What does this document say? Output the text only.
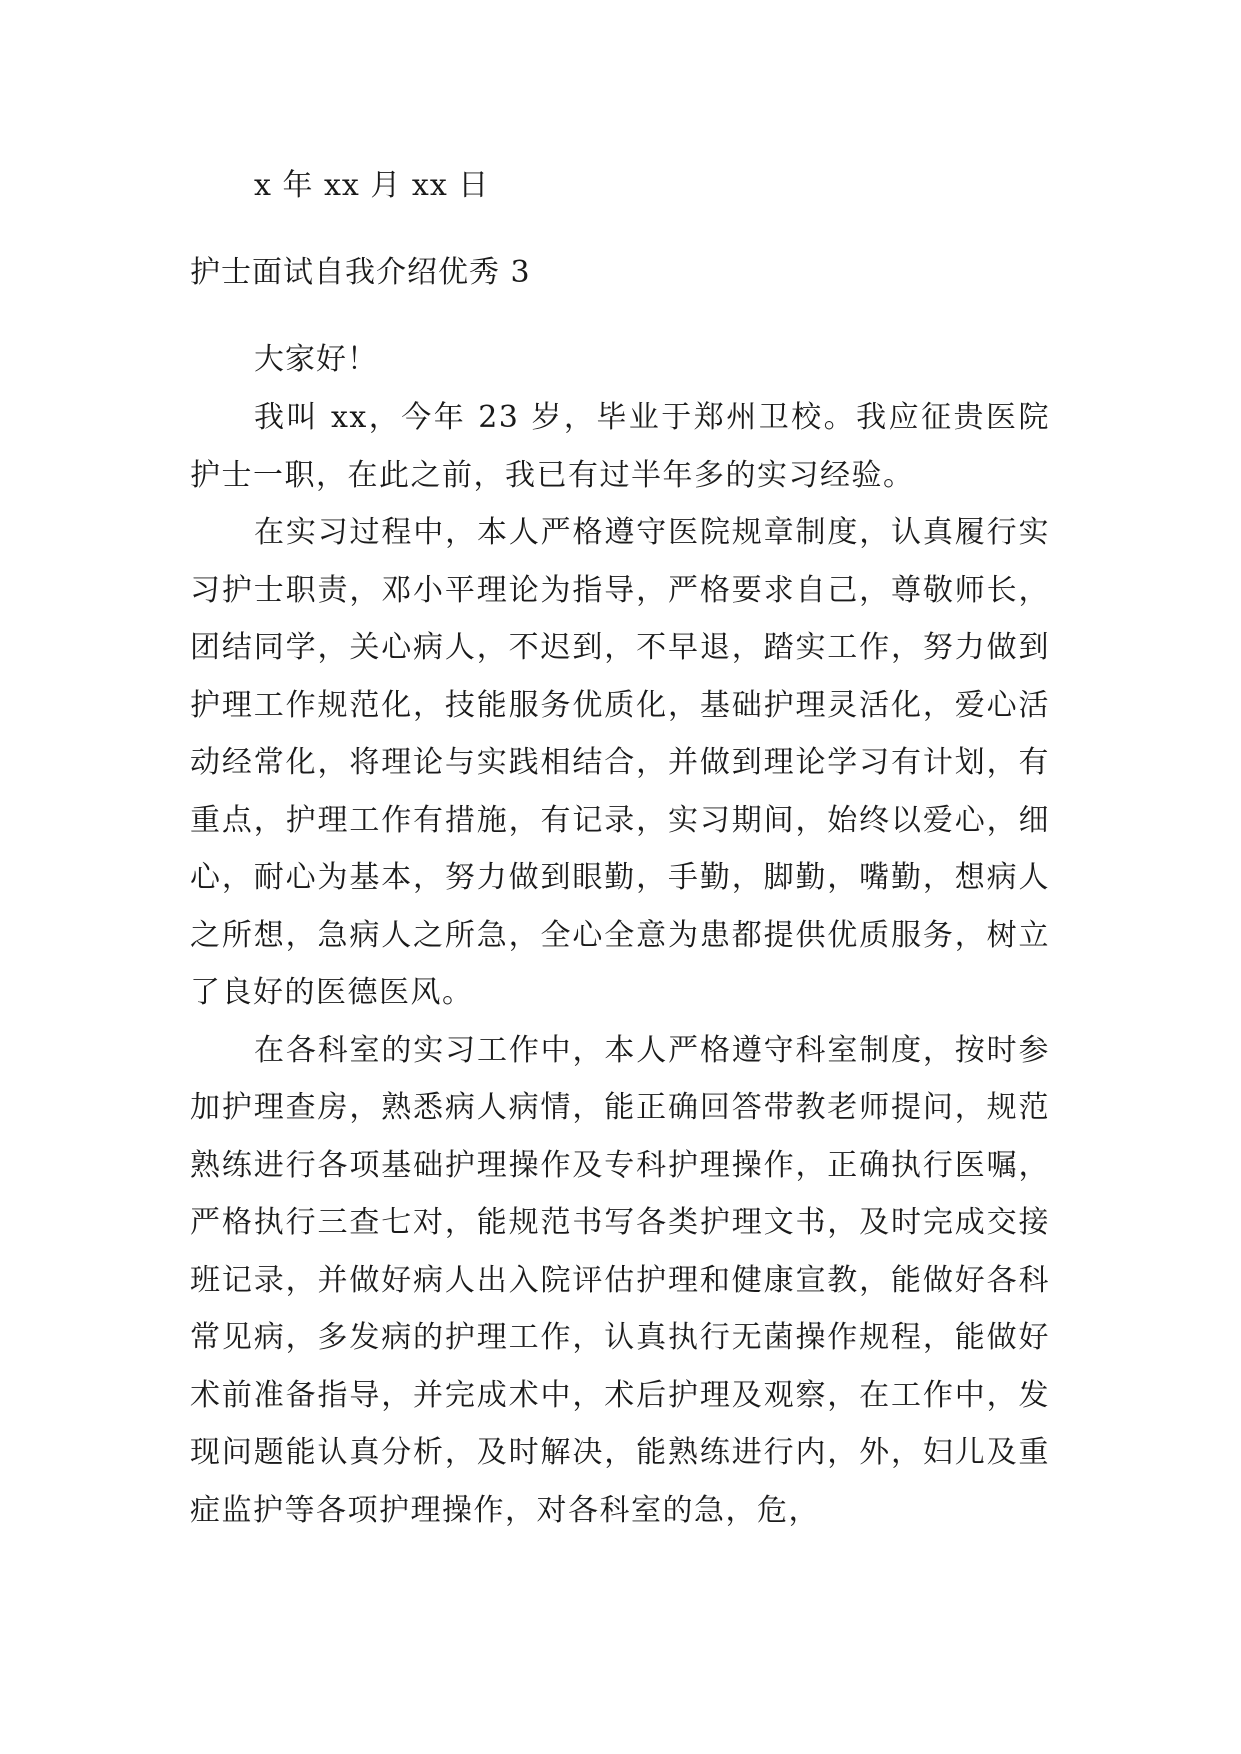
x 年 xx 月 xx 日
护士面试自我介绍优秀 3
大家好！

我叫 xx，今年 23 岁，毕业于郑州卫校。我应征贵医院护士一职，在此之前，我已有过半年多的实习经验。

在实习过程中，本人严格遵守医院规章制度，认真履行实习护士职责，邓小平理论为指导，严格要求自己，尊敬师长，团结同学，关心病人，不迟到，不早退，踏实工作，努力做到护理工作规范化，技能服务优质化，基础护理灵活化，爱心活动经常化，将理论与实践相结合，并做到理论学习有计划，有重点，护理工作有措施，有记录，实习期间，始终以爱心，细心，耐心为基本，努力做到眼勤，手勤，脚勤，嘴勤，想病人之所想，急病人之所急，全心全意为患都提供优质服务，树立了良好的医德医风。

在各科室的实习工作中，本人严格遵守科室制度，按时参加护理查房，熟悉病人病情，能正确回答带教老师提问，规范熟练进行各项基础护理操作及专科护理操作，正确执行医嘱，严格执行三查七对，能规范书写各类护理文书，及时完成交接班记录，并做好病人出入院评估护理和健康宣教，能做好各科常见病，多发病的护理工作，认真执行无菌操作规程，能做好术前准备指导，并完成术中，术后护理及观察，在工作中，发现问题能认真分析，及时解决，能熟练进行内，外，妇儿及重症监护等各项护理操作，对各科室的急，危，
